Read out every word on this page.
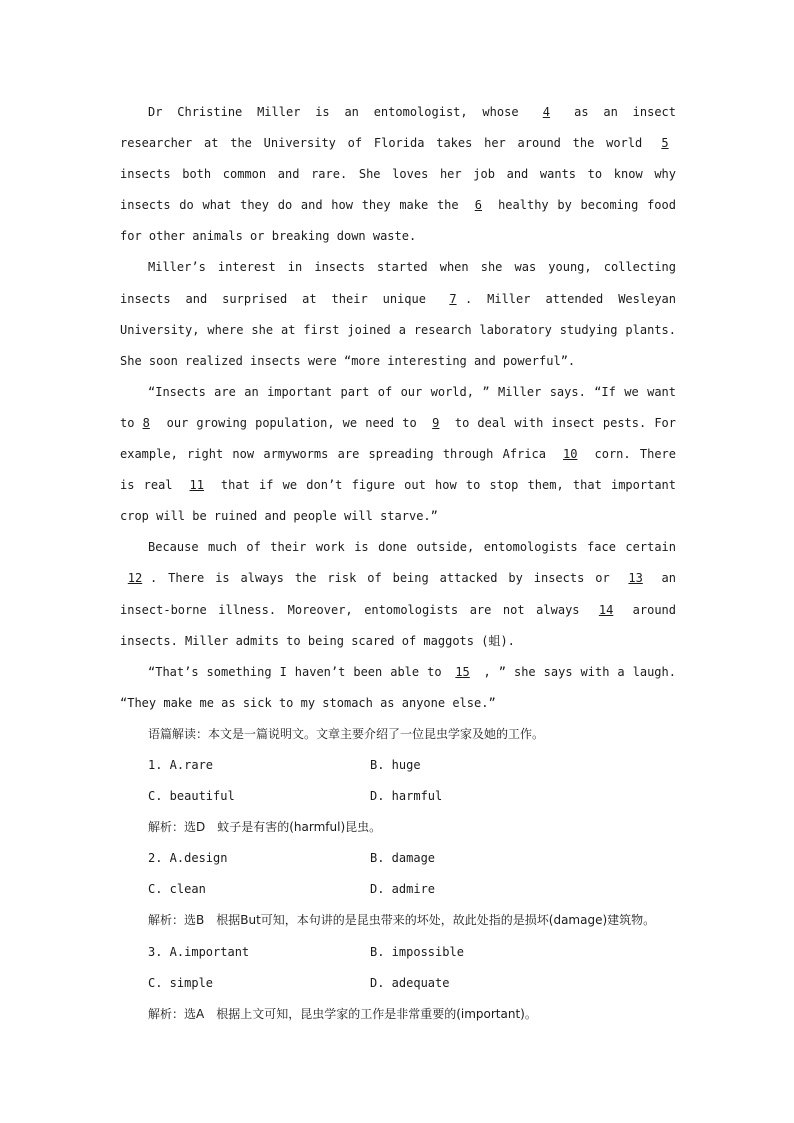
Dr Christine Miller is an entomologist, whose 4 as an insect researcher at the University of Florida takes her around the world 5 insects both common and rare. She loves her job and wants to know why insects do what they do and how they make the 6 healthy by becoming food for other animals or breaking down waste.

Miller’s interest in insects started when she was young, collecting insects and surprised at their unique 7 . Miller attended Wesleyan University, where she at first joined a research laboratory studying plants. She soon realized insects were “more interesting and powerful”.

“Insects are an important part of our world, ” Miller says. “If we want to 8 our growing population, we need to 9 to deal with insect pests. For example, right now armyworms are spreading through Africa 10 corn. There is real 11 that if we don’t figure out how to stop them, that important crop will be ruined and people will starve.”

Because much of their work is done outside, entomologists face certain 12 . There is always the risk of being attacked by insects or 13 an insect-borne illness. Moreover, entomologists are not always 14 around insects. Miller admits to being scared of maggots (蛆).

“That’s something I haven’t been able to 15 , ” she says with a laugh. “They make me as sick to my stomach as anyone else.”

语篇解读：本文是一篇说明文。文章主要介绍了一位昆虫学家及她的工作。

1. A.rare	B. huge
C. beautiful	D. harmful

解析：选D　蚊子是有害的(harmful)昆虫。

2. A.design	B. damage
C. clean	D. admire

解析：选B　根据But可知，本句讲的是昆虫带来的坏处，故此处指的是损坏(damage)建筑物。

3. A.important	B. impossible
C. simple	D. adequate

解析：选A　根据上文可知，昆虫学家的工作是非常重要的(important)。
